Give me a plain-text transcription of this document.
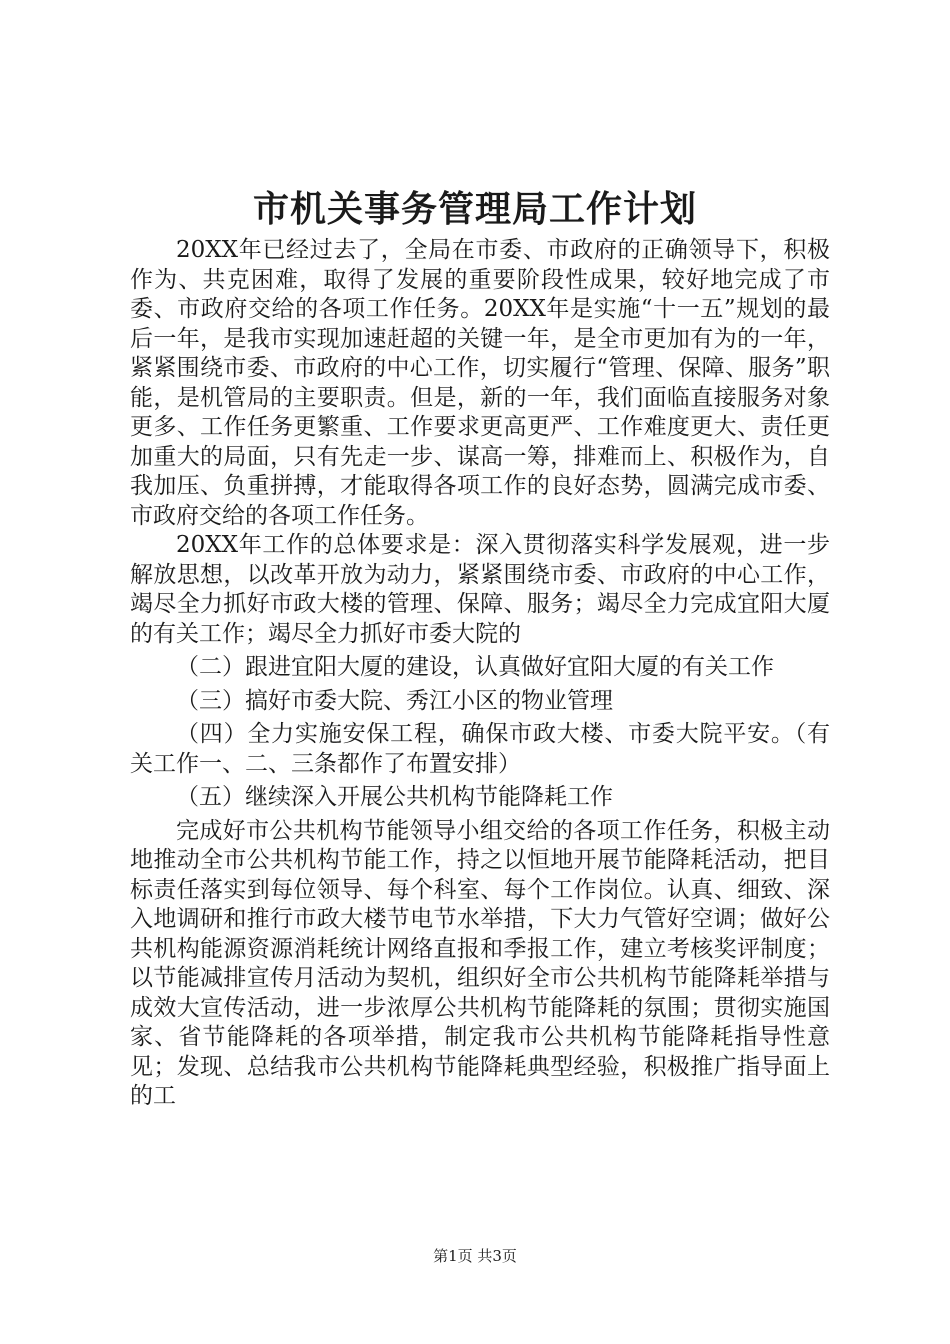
市机关事务管理局工作计划

20XX年已经过去了，全局在市委、市政府的正确领导下，积极作为、共克困难，取得了发展的重要阶段性成果，较好地完成了市委、市政府交给的各项工作任务。20XX年是实施“十一五”规划的最后一年，是我市实现加速赶超的关键一年，是全市更加有为的一年，紧紧围绕市委、市政府的中心工作，切实履行“管理、保障、服务”职能，是机管局的主要职责。但是，新的一年，我们面临直接服务对象更多、工作任务更繁重、工作要求更高更严、工作难度更大、责任更加重大的局面，只有先走一步、谋高一筹，排难而上、积极作为，自我加压、负重拼搏，才能取得各项工作的良好态势，圆满完成市委、市政府交给的各项工作任务。

20XX年工作的总体要求是：深入贯彻落实科学发展观，进一步解放思想，以改革开放为动力，紧紧围绕市委、市政府的中心工作，竭尽全力抓好市政大楼的管理、保障、服务；竭尽全力完成宜阳大厦的有关工作；竭尽全力抓好市委大院的

（二）跟进宜阳大厦的建设，认真做好宜阳大厦的有关工作

（三）搞好市委大院、秀江小区的物业管理

（四）全力实施安保工程，确保市政大楼、市委大院平安。（有关工作一、二、三条都作了布置安排）

（五）继续深入开展公共机构节能降耗工作

完成好市公共机构节能领导小组交给的各项工作任务，积极主动地推动全市公共机构节能工作，持之以恒地开展节能降耗活动，把目标责任落实到每位领导、每个科室、每个工作岗位。认真、细致、深入地调研和推行市政大楼节电节水举措，下大力气管好空调；做好公共机构能源资源消耗统计网络直报和季报工作，建立考核奖评制度；以节能减排宣传月活动为契机，组织好全市公共机构节能降耗举措与成效大宣传活动，进一步浓厚公共机构节能降耗的氛围；贯彻实施国家、省节能降耗的各项举措，制定我市公共机构节能降耗指导性意见；发现、总结我市公共机构节能降耗典型经验，积极推广指导面上的工

第1页 共3页
